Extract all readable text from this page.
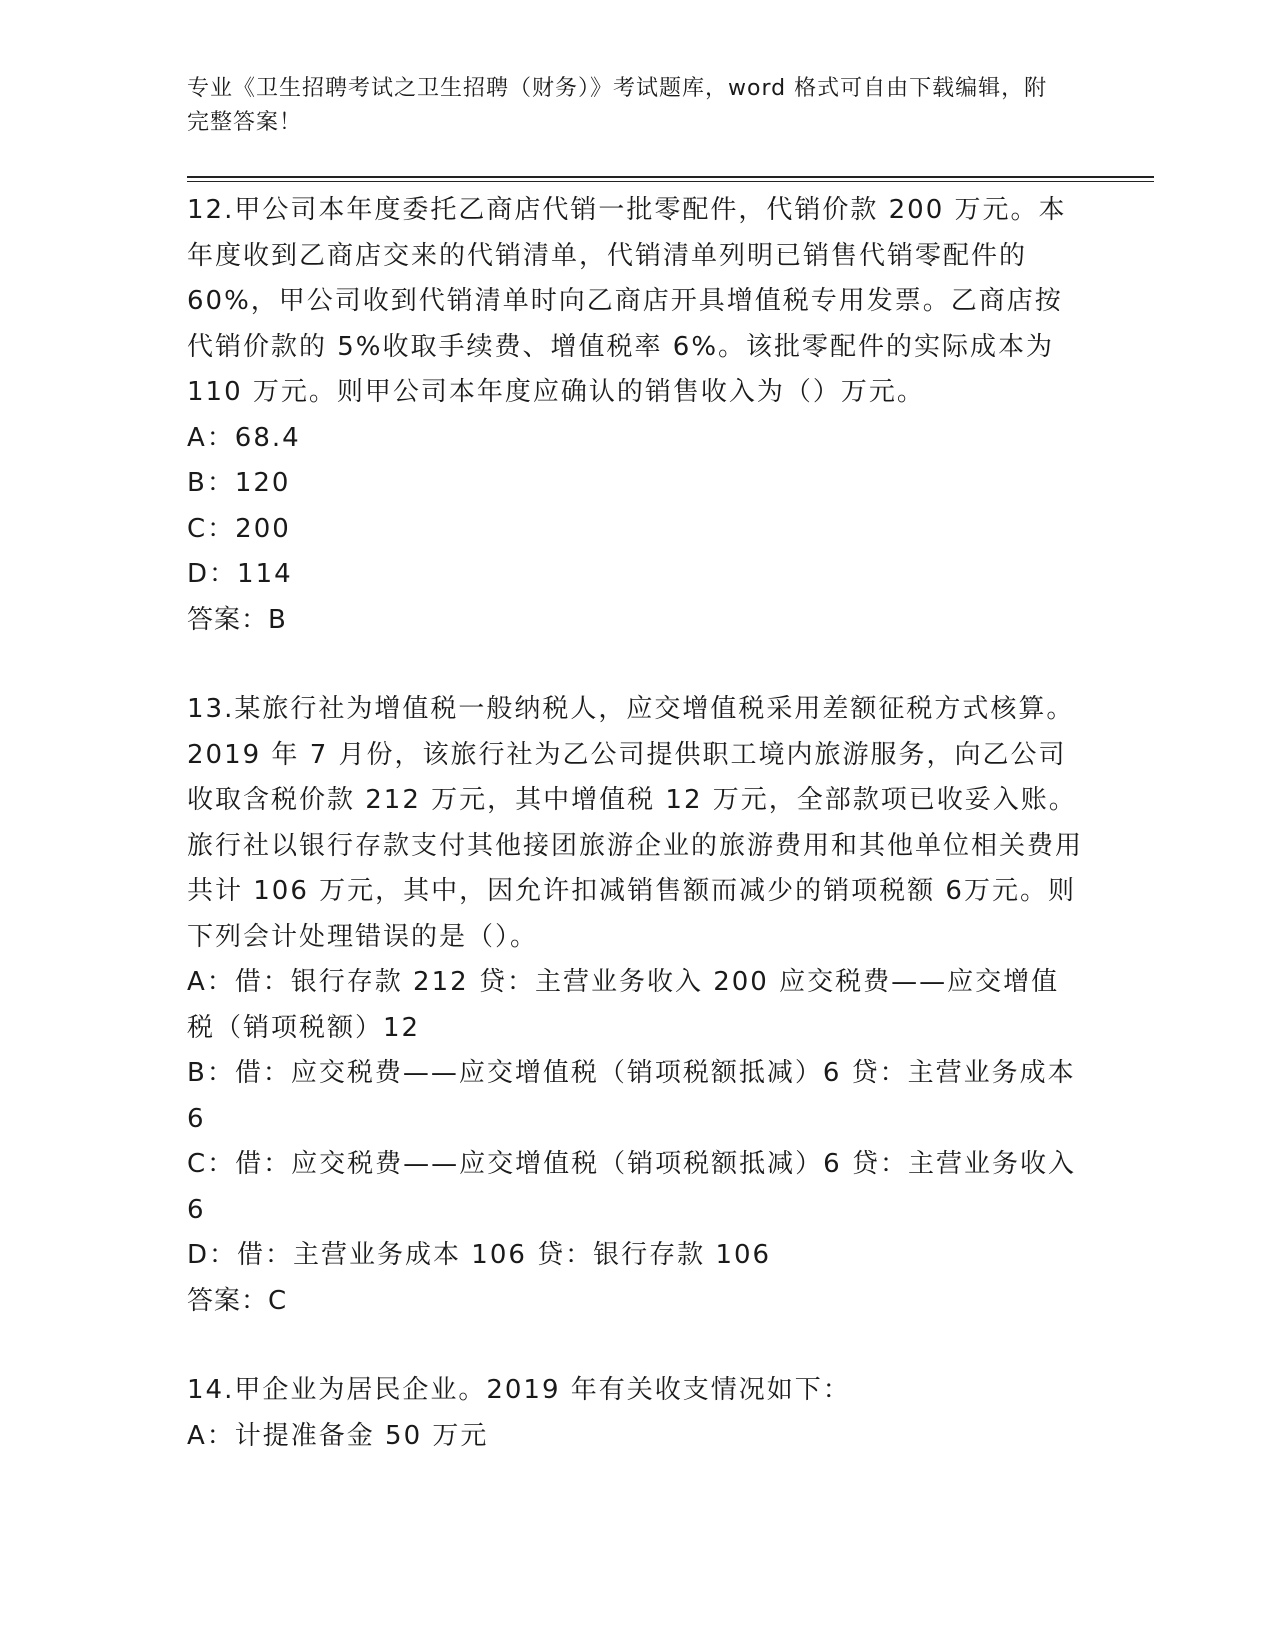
专业《卫生招聘考试之卫生招聘（财务）》考试题库，word 格式可自由下载编辑，附完整答案！

12.甲公司本年度委托乙商店代销一批零配件，代销价款 200 万元。本年度收到乙商店交来的代销清单，代销清单列明已销售代销零配件的60%，甲公司收到代销清单时向乙商店开具增值税专用发票。乙商店按代销价款的 5%收取手续费、增值税率 6%。该批零配件的实际成本为110 万元。则甲公司本年度应确认的销售收入为（）万元。

A：68.4

B：120

C：200

D：114

答案：B

13.某旅行社为增值税一般纳税人，应交增值税采用差额征税方式核算。2019 年 7 月份，该旅行社为乙公司提供职工境内旅游服务，向乙公司收取含税价款 212 万元，其中增值税 12 万元，全部款项已收妥入账。旅行社以银行存款支付其他接团旅游企业的旅游费用和其他单位相关费用共计 106 万元，其中，因允许扣减销售额而减少的销项税额 6万元。则下列会计处理错误的是（）。

A：借：银行存款 212 贷：主营业务收入 200 应交税费——应交增值税（销项税额）12

B：借：应交税费——应交增值税（销项税额抵减）6 贷：主营业务成本 6

C：借：应交税费——应交增值税（销项税额抵减）6 贷：主营业务收入 6

D：借：主营业务成本 106 贷：银行存款 106

答案：C

14.甲企业为居民企业。2019 年有关收支情况如下：

A：计提准备金 50 万元
